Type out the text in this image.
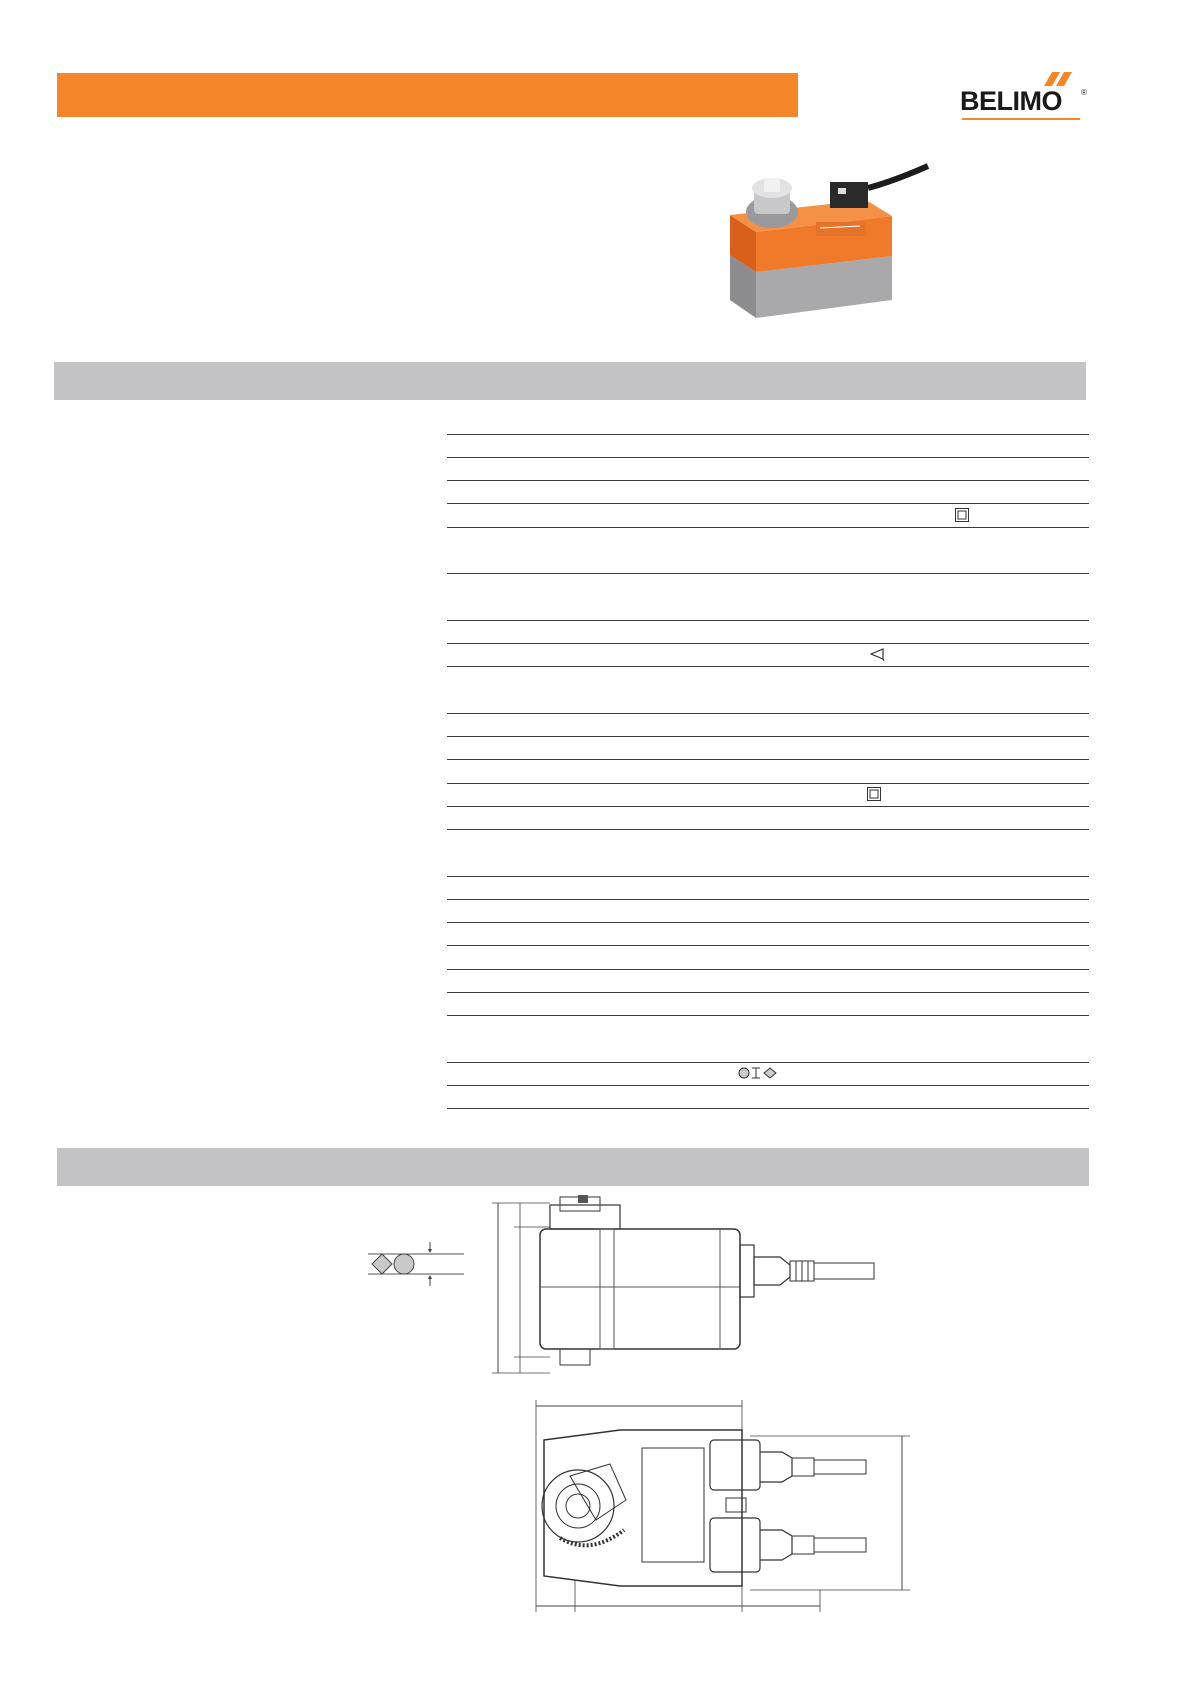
BELIMO ®
